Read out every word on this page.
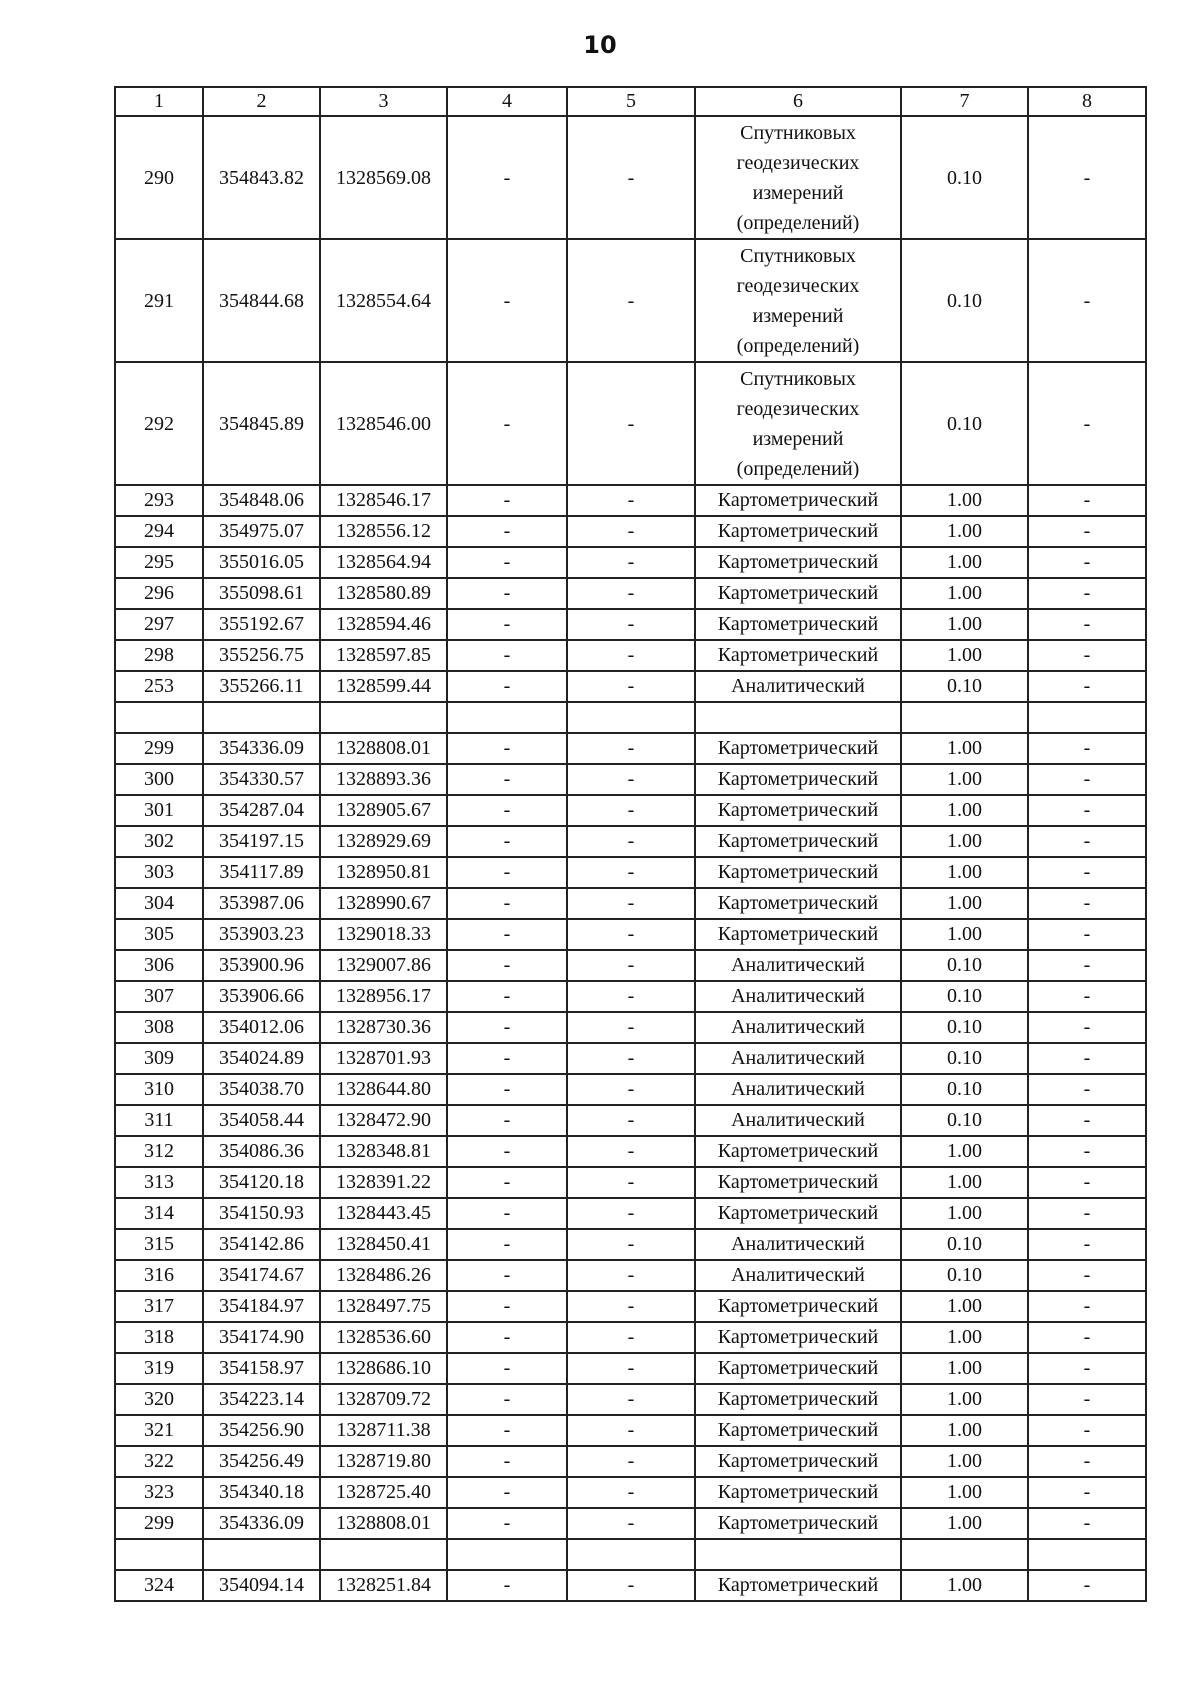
10
1	2	3	4	5	6	7	8
290	354843.82	1328569.08	-	-	Спутниковых геодезических измерений (определений)	0.10	-
291	354844.68	1328554.64	-	-	Спутниковых геодезических измерений (определений)	0.10	-
292	354845.89	1328546.00	-	-	Спутниковых геодезических измерений (определений)	0.10	-
293	354848.06	1328546.17	-	-	Картометрический	1.00	-
294	354975.07	1328556.12	-	-	Картометрический	1.00	-
295	355016.05	1328564.94	-	-	Картометрический	1.00	-
296	355098.61	1328580.89	-	-	Картометрический	1.00	-
297	355192.67	1328594.46	-	-	Картометрический	1.00	-
298	355256.75	1328597.85	-	-	Картометрический	1.00	-
253	355266.11	1328599.44	-	-	Аналитический	0.10	-

299	354336.09	1328808.01	-	-	Картометрический	1.00	-
300	354330.57	1328893.36	-	-	Картометрический	1.00	-
301	354287.04	1328905.67	-	-	Картометрический	1.00	-
302	354197.15	1328929.69	-	-	Картометрический	1.00	-
303	354117.89	1328950.81	-	-	Картометрический	1.00	-
304	353987.06	1328990.67	-	-	Картометрический	1.00	-
305	353903.23	1329018.33	-	-	Картометрический	1.00	-
306	353900.96	1329007.86	-	-	Аналитический	0.10	-
307	353906.66	1328956.17	-	-	Аналитический	0.10	-
308	354012.06	1328730.36	-	-	Аналитический	0.10	-
309	354024.89	1328701.93	-	-	Аналитический	0.10	-
310	354038.70	1328644.80	-	-	Аналитический	0.10	-
311	354058.44	1328472.90	-	-	Аналитический	0.10	-
312	354086.36	1328348.81	-	-	Картометрический	1.00	-
313	354120.18	1328391.22	-	-	Картометрический	1.00	-
314	354150.93	1328443.45	-	-	Картометрический	1.00	-
315	354142.86	1328450.41	-	-	Аналитический	0.10	-
316	354174.67	1328486.26	-	-	Аналитический	0.10	-
317	354184.97	1328497.75	-	-	Картометрический	1.00	-
318	354174.90	1328536.60	-	-	Картометрический	1.00	-
319	354158.97	1328686.10	-	-	Картометрический	1.00	-
320	354223.14	1328709.72	-	-	Картометрический	1.00	-
321	354256.90	1328711.38	-	-	Картометрический	1.00	-
322	354256.49	1328719.80	-	-	Картометрический	1.00	-
323	354340.18	1328725.40	-	-	Картометрический	1.00	-
299	354336.09	1328808.01	-	-	Картометрический	1.00	-

324	354094.14	1328251.84	-	-	Картометрический	1.00	-
